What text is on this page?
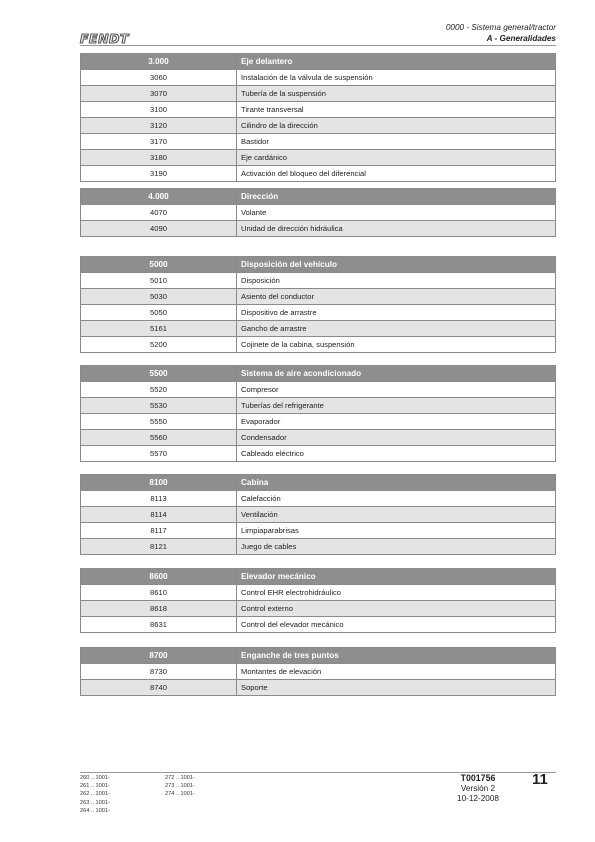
FENDT
0000 - Sistema general/tractor
A - Generalidades
3.000	Eje delantero
3060	Instalación de la válvula de suspensión
3070	Tubería de la suspensión
3100	Tirante transversal
3120	Cilindro de la dirección
3170	Bastidor
3180	Eje cardánico
3190	Activación del bloqueo del diferencial
4.000	Dirección
4070	Volante
4090	Unidad de dirección hidráulica
5000	Disposición del vehículo
5010	Disposición
5030	Asiento del conductor
5050	Dispositivo de arrastre
5161	Gancho de arrastre
5200	Cojinete de la cabina, suspensión
5500	Sistema de aire acondicionado
5520	Compresor
5530	Tuberías del refrigerante
5550	Evaporador
5560	Condensador
5570	Cableado eléctrico
8100	Cabina
8113	Calefacción
8114	Ventilación
8117	Limpiaparabrisas
8121	Juego de cables
8600	Elevador mecánico
8610	Control EHR electrohidráulico
8618	Control externo
8631	Control del elevador mecánico
8700	Enganche de tres puntos
8730	Montantes de elevación
8740	Soporte
260 .. 1001-
261 .. 1001-
262 .. 1001-
263 .. 1001-
264 .. 1001-
272 .. 1001-
273 .. 1001-
274 .. 1001-
T001756
Versión 2
10-12-2008
11
